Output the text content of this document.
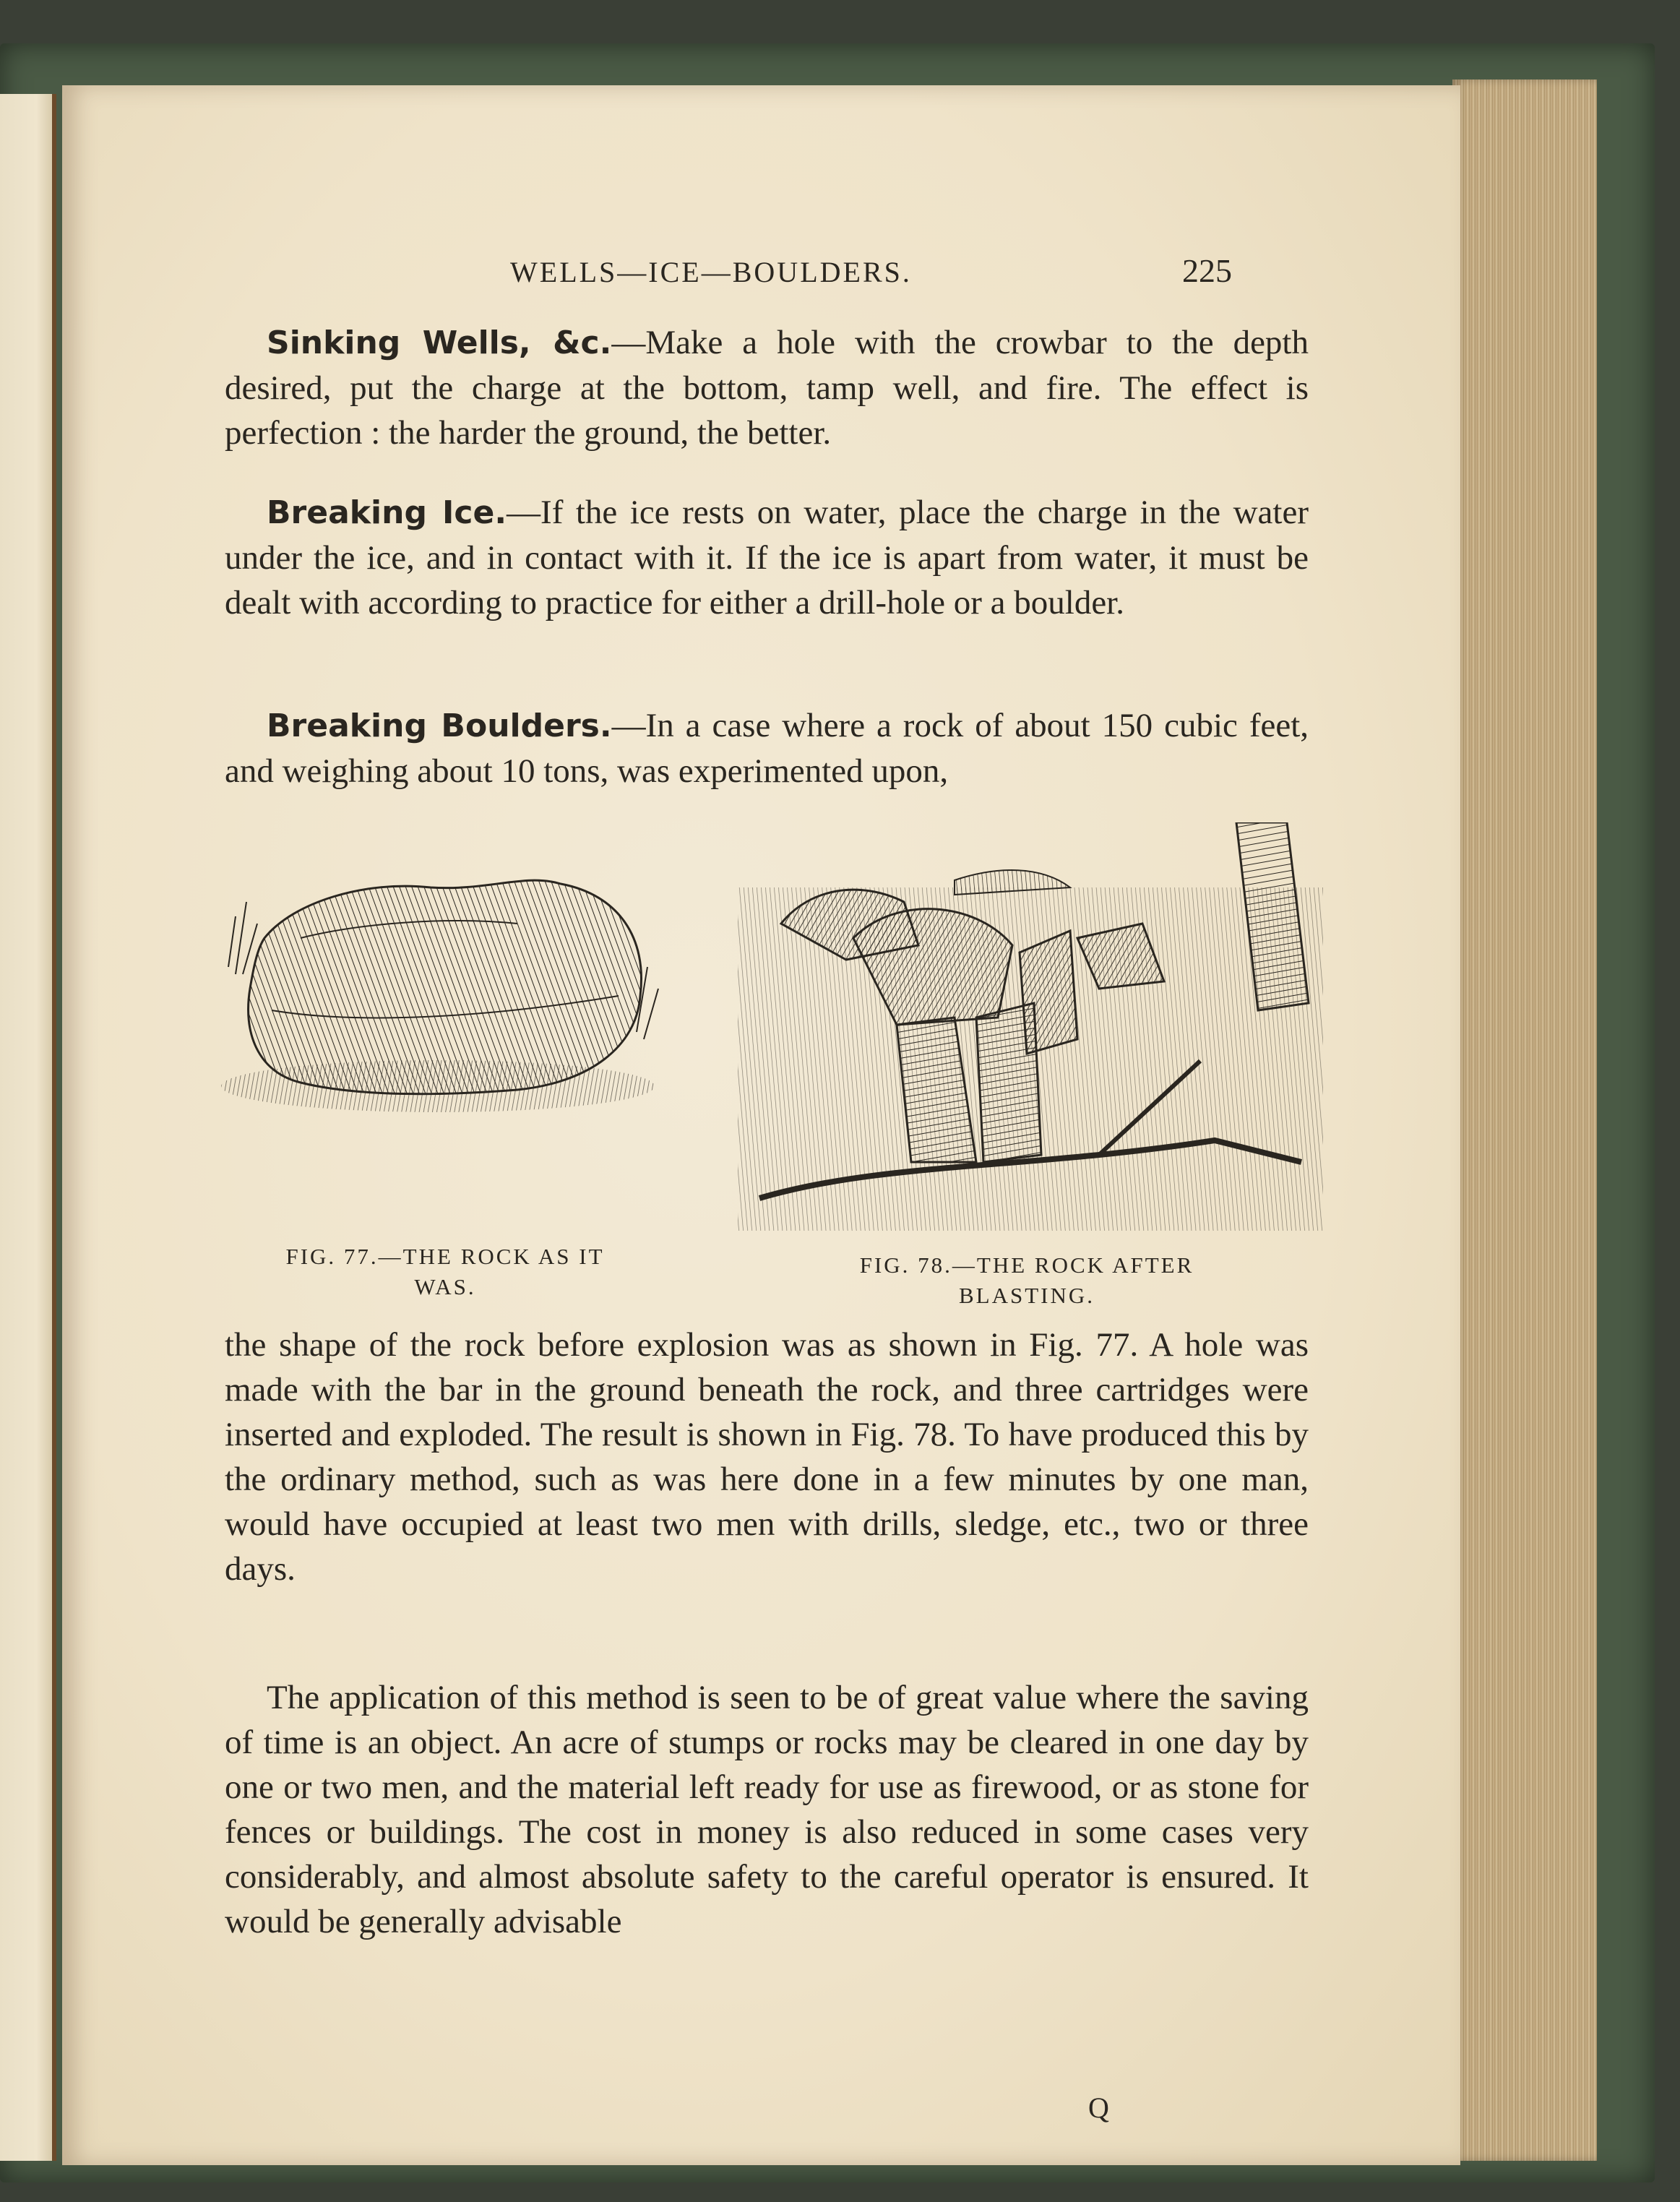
WELLS—ICE—BOULDERS.	225
Sinking Wells, &c.—Make a hole with the crowbar to the depth desired, put the charge at the bottom, tamp well, and fire. The effect is perfection : the harder the ground, the better.
Breaking Ice.—If the ice rests on water, place the charge in the water under the ice, and in contact with it. If the ice is apart from water, it must be dealt with according to practice for either a drill-hole or a boulder.
Breaking Boulders.—In a case where a rock of about 150 cubic feet, and weighing about 10 tons, was experimented upon,
FIG. 77.—THE ROCK AS IT
WAS.
FIG. 78.—THE ROCK AFTER
BLASTING.
the shape of the rock before explosion was as shown in Fig. 77. A hole was made with the bar in the ground beneath the rock, and three cartridges were inserted and exploded. The result is shown in Fig. 78. To have produced this by the ordinary method, such as was here done in a few minutes by one man, would have occupied at least two men with drills, sledge, etc., two or three days.
The application of this method is seen to be of great value where the saving of time is an object. An acre of stumps or rocks may be cleared in one day by one or two men, and the material left ready for use as firewood, or as stone for fences or buildings. The cost in money is also reduced in some cases very considerably, and almost absolute safety to the careful operator is ensured. It would be generally advisable
Q
